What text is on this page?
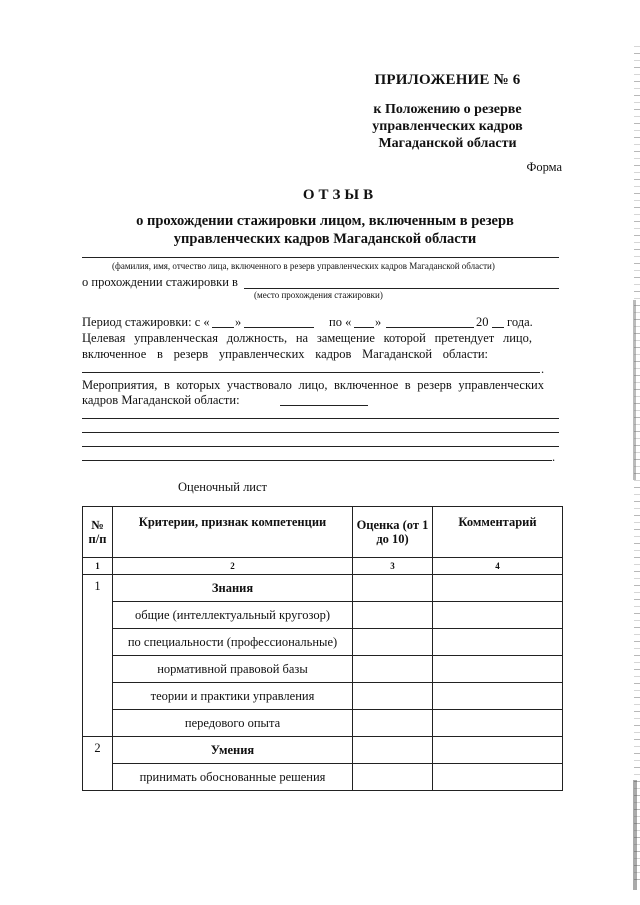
ПРИЛОЖЕНИЕ № 6
к Положению о резерве
управленческих кадров
Магаданской области
Форма
ОТЗЫВ
о прохождении стажировки лицом, включенным в резерв управленческих кадров Магаданской области
(фамилия, имя, отчество лица, включенного в резерв управленческих кадров Магаданской области)
о прохождении стажировки в
(место прохождения стажировки)
Период стажировки: с « »	по « »	20 года.
Целевая управленческая должность, на замещение которой претендует лицо,
включенное в резерв управленческих кадров Магаданской области:
.
Мероприятия, в которых участвовало лицо, включенное в резерв управленческих
кадров Магаданской области:
.
Оценочный лист
№ п/п	Критерии, признак компетенции	Оценка (от 1 до 10)	Комментарий
1	2	3	4
1	Знания		
	общие (интеллектуальный кругозор)		
	по специальности (профессиональные)		
	нормативной правовой базы		
	теории и практики управления		
	передового опыта		
2	Умения		
	принимать обоснованные решения		
